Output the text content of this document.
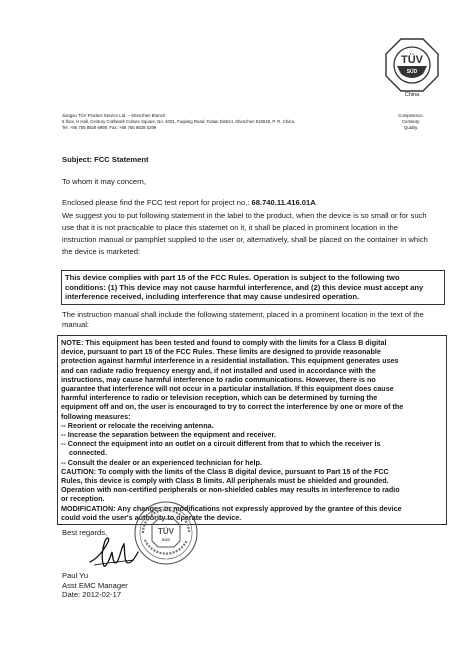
TÜV
SÜD
China
Jiangsu TÜV Product Service Ltd. – Shenzhen Branch
6 floor, H Hall, Century Craftwork Culture Square, No. 4001, Fuqiang Road, Futian District, Shenzhen 518048, P. R. China,
Tel: +86 755 8828 6998, Fax: +86 755 8828 5299
Competence.
Certainty.
Quality.
Subject: FCC Statement
To whom it may concern,
Enclosed please find the FCC test report for project no.: 68.740.11.416.01A
We suggest you to put following statement in the label to the product, when the device is so small or for such
use that it is not practicable to place this statemet on it, it shall be placed in prominent location in the
instruction manual or pamphlet supplied to the user or, alternatively, shall be placed on the container in which
the device is marketed:
This device complies with part 15 of the FCC Rules. Operation is subject to the following two
conditions: (1) This device may not cause harmful interference, and (2) this device must accept any
interference received, including interference that may cause undesired operation.
The instruction manual shall include the following statement, placed in a prominent location in the text of the
manual:
NOTE: This equipment has been tested and found to comply with the limits for a Class B digital
device, pursuant to part 15 of the FCC Rules. These limits are designed to provide reasonable
protection against harmful interference in a residential installation. This equipment generates uses
and can radiate radio frequency energy and, if not installed and used in accordance with the
instructions, may cause harmful interference to radio communications. However, there is no
guarantee that interference will not occur in a particular installation. If this equipment does cause
harmful interference to radio or television reception, which can be determined by turning the
equipment off and on, the user is encouraged to try to correct the interference by one or more of the
following measures:
-- Reorient or relocate the receiving antenna.
-- Increase the separation between the equipment and receiver.
-- Connect the equipment into an outlet on a circuit different from that to which the receiver is
connected.
-- Consult the dealer or an experienced technician for help.
CAUTION: To comply with the limits of the Class B digital device, pursuant to Part 15 of the FCC
Rules, this device is comply with Class B limits. All peripherals must be shielded and grounded.
Operation with non-certified peripherals or non-shielded cables may results in interference to radio
or reception.
MODIFICATION: Any changes or modifications not expressly approved by the grantee of this device
could void the user's authority to operate the device.
Best regards,	TÜV
SÜD
Paul Yu
Asst EMC Manager
Date: 2012-02-17
